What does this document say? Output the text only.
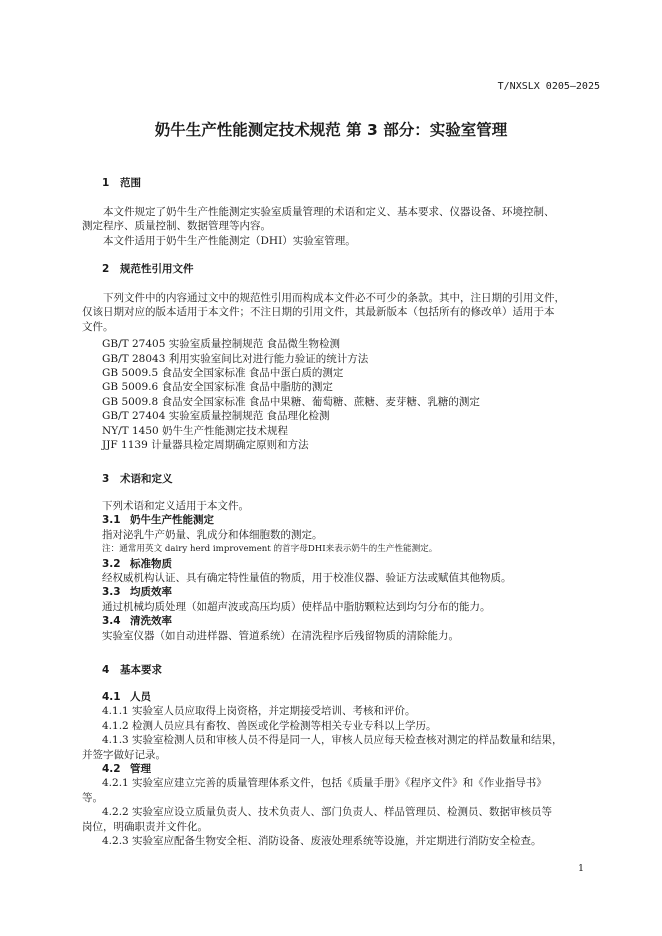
T/NXSLX 0205—2025
奶牛生产性能测定技术规范 第 3 部分：实验室管理
1 范围
本文件规定了奶牛生产性能测定实验室质量管理的术语和定义、基本要求、仪器设备、环境控制、
测定程序、质量控制、数据管理等内容。
本文件适用于奶牛生产性能测定（DHI）实验室管理。
2 规范性引用文件
下列文件中的内容通过文中的规范性引用而构成本文件必不可少的条款。其中，注日期的引用文件，
仅该日期对应的版本适用于本文件；不注日期的引用文件，其最新版本（包括所有的修改单）适用于本
文件。
GB/T 27405 实验室质量控制规范 食品微生物检测
GB/T 28043 利用实验室间比对进行能力验证的统计方法
GB 5009.5 食品安全国家标准 食品中蛋白质的测定
GB 5009.6 食品安全国家标准 食品中脂肪的测定
GB 5009.8 食品安全国家标准 食品中果糖、葡萄糖、蔗糖、麦芽糖、乳糖的测定
GB/T 27404 实验室质量控制规范 食品理化检测
NY/T 1450 奶牛生产性能测定技术规程
JJF 1139 计量器具检定周期确定原则和方法
3 术语和定义
下列术语和定义适用于本文件。
3.1 奶牛生产性能测定
指对泌乳牛产奶量、乳成分和体细胞数的测定。
注：通常用英文 dairy herd improvement 的首字母DHI来表示奶牛的生产性能测定。
3.2 标准物质
经权威机构认证、具有确定特性量值的物质，用于校准仪器、验证方法或赋值其他物质。
3.3 均质效率
通过机械均质处理（如超声波或高压均质）使样品中脂肪颗粒达到均匀分布的能力。
3.4 清洗效率
实验室仪器（如自动进样器、管道系统）在清洗程序后残留物质的清除能力。
4 基本要求
4.1 人员
4.1.1 实验室人员应取得上岗资格，并定期接受培训、考核和评价。
4.1.2 检测人员应具有畜牧、兽医或化学检测等相关专业专科以上学历。
4.1.3 实验室检测人员和审核人员不得是同一人，审核人员应每天检查核对测定的样品数量和结果，
并签字做好记录。
4.2 管理
4.2.1 实验室应建立完善的质量管理体系文件，包括《质量手册》《程序文件》和《作业指导书》
等。
4.2.2 实验室应设立质量负责人、技术负责人、部门负责人、样品管理员、检测员、数据审核员等
岗位，明确职责并文件化。
4.2.3 实验室应配备生物安全柜、消防设备、废液处理系统等设施，并定期进行消防安全检查。
1
